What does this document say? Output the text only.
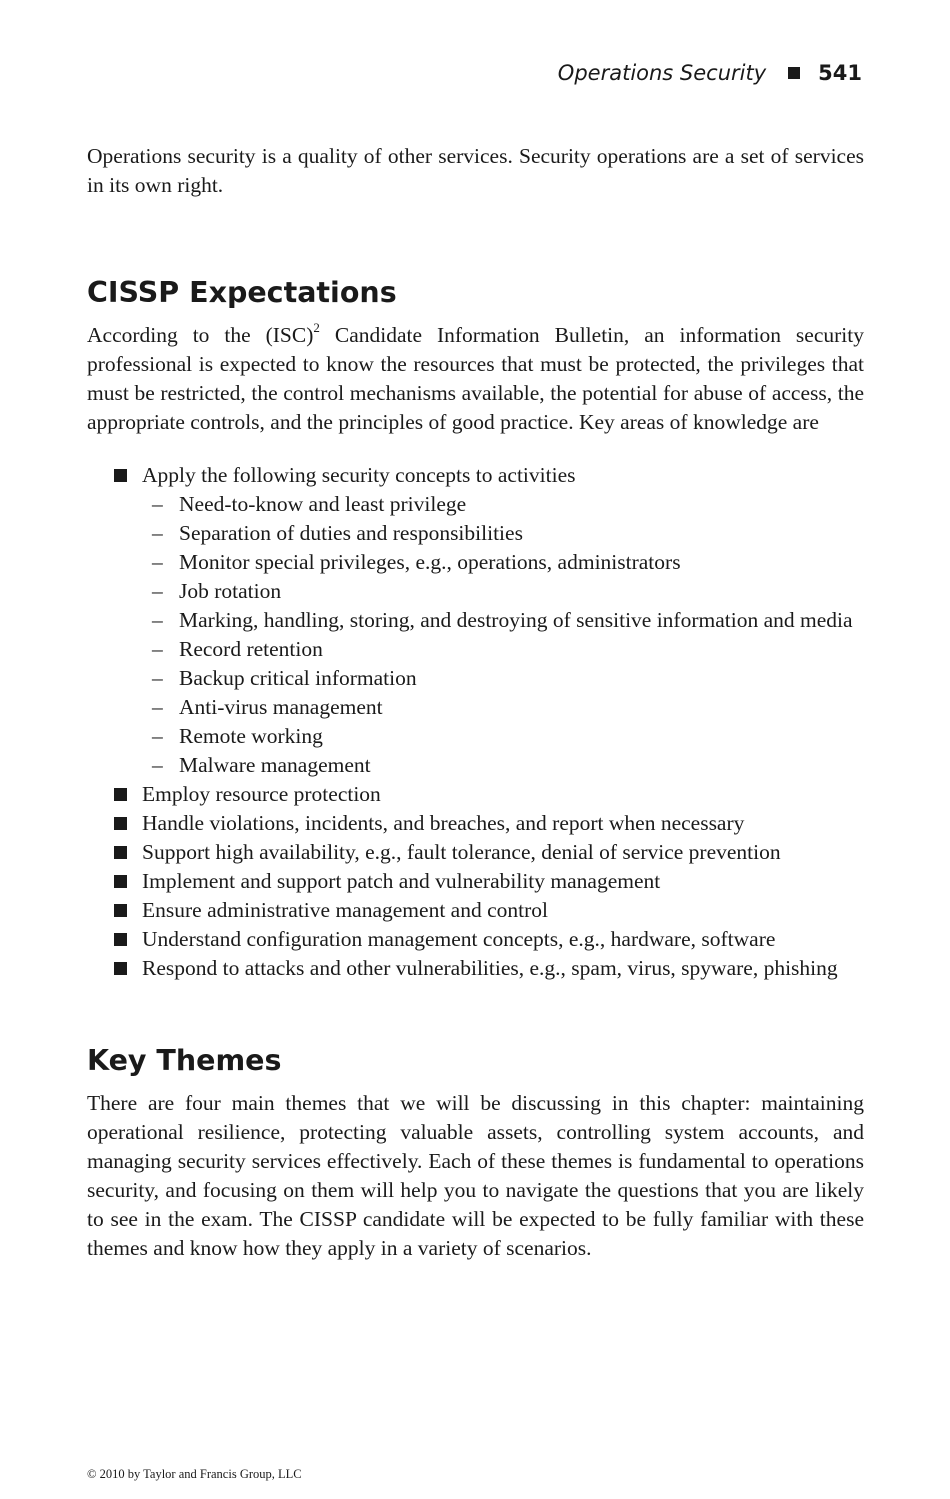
Operations Security 541

Operations security is a quality of other services. Security operations are a set of services in its own right.

CISSP Expectations

According to the (ISC)$^2$ Candidate Information Bulletin, an information security professional is expected to know the resources that must be protected, the privileges that must be restricted, the control mechanisms available, the potential for abuse of access, the appropriate controls, and the principles of good practice. Key areas of knowledge are

Apply the following security concepts to activities
– Need-to-know and least privilege
– Separation of duties and responsibilities
– Monitor special privileges, e.g., operations, administrators
– Job rotation
– Marking, handling, storing, and destroying of sensitive information and media
– Record retention
– Backup critical information
– Anti-virus management
– Remote working
– Malware management
Employ resource protection
Handle violations, incidents, and breaches, and report when necessary
Support high availability, e.g., fault tolerance, denial of service prevention
Implement and support patch and vulnerability management
Ensure administrative management and control
Understand configuration management concepts, e.g., hardware, software
Respond to attacks and other vulnerabilities, e.g., spam, virus, spyware, phishing
Key Themes

There are four main themes that we will be discussing in this chapter: maintaining operational resilience, protecting valuable assets, controlling system accounts, and managing security services effectively. Each of these themes is fundamental to operations security, and focusing on them will help you to navigate the questions that you are likely to see in the exam. The CISSP candidate will be expected to be fully familiar with these themes and know how they apply in a variety of scenarios.

© 2010 by Taylor and Francis Group, LLC
